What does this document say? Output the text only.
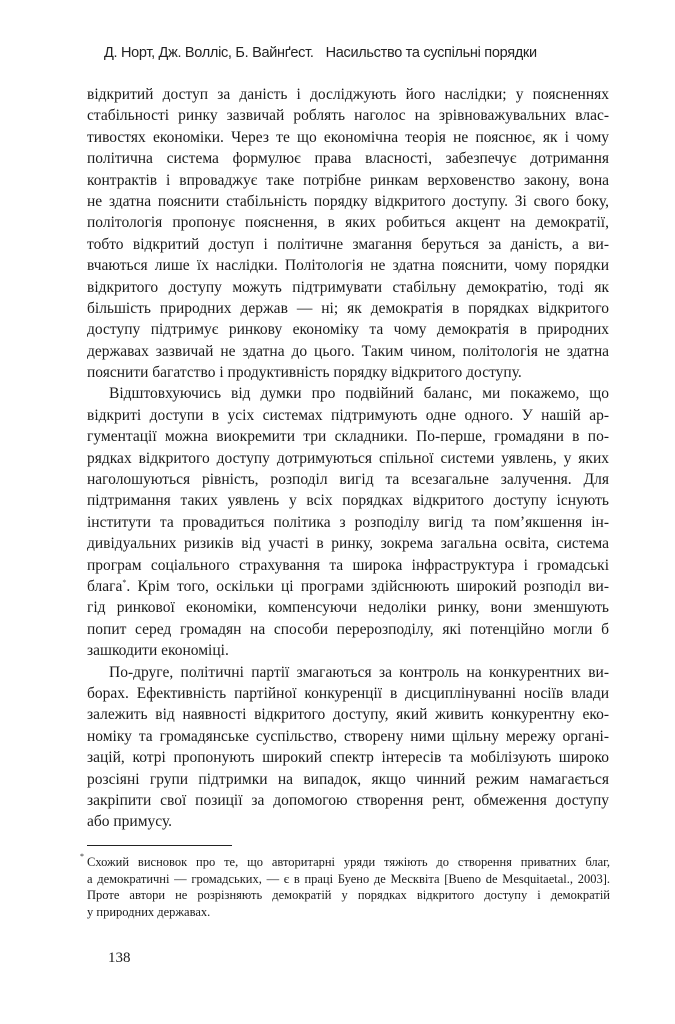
Д. Норт, Дж. Волліс, Б. Вайнґест. Насильство та суспільні порядки
відкритий доступ за даність і досліджують його наслідки; у поясненнях
стабільності ринку зазвичай роблять наголос на зрівноважувальних влас-
тивостях економіки. Через те що економічна теорія не пояснює, як і чому
політична система формулює права власності, забезпечує дотримання
контрактів і впроваджує таке потрібне ринкам верховенство закону, вона
не здатна пояснити стабільність порядку відкритого доступу. Зі свого боку,
політологія пропонує пояснення, в яких робиться акцент на демократії,
тобто відкритий доступ і політичне змагання беруться за даність, а ви-
вчаються лише їх наслідки. Політологія не здатна пояснити, чому порядки
відкритого доступу можуть підтримувати стабільну демократію, тоді як
більшість природних держав — ні; як демократія в порядках відкритого
доступу підтримує ринкову економіку та чому демократія в природних
державах зазвичай не здатна до цього. Таким чином, політологія не здатна
пояснити багатство і продуктивність порядку відкритого доступу.
Відштовхуючись від думки про подвійний баланс, ми покажемо, що
відкриті доступи в усіх системах підтримують одне одного. У нашій ар-
гументації можна виокремити три складники. По-перше, громадяни в по-
рядках відкритого доступу дотримуються спільної системи уявлень, у яких
наголошуються рівність, розподіл вигід та всезагальне залучення. Для
підтримання таких уявлень у всіх порядках відкритого доступу існують
інститути та провадиться політика з розподілу вигід та пом’якшення ін-
дивідуальних ризиків від участі в ринку, зокрема загальна освіта, система
програм соціального страхування та широка інфраструктура і громадські
блага*. Крім того, оскільки ці програми здійснюють широкий розподіл ви-
гід ринкової економіки, компенсуючи недоліки ринку, вони зменшують
попит серед громадян на способи перерозподілу, які потенційно могли б
зашкодити економіці.
По-друге, політичні партії змагаються за контроль на конкурентних ви-
борах. Ефективність партійної конкуренції в дисциплінуванні носіїв влади
залежить від наявності відкритого доступу, який живить конкурентну еко-
номіку та громадянське суспільство, створену ними щільну мережу органі-
зацій, котрі пропонують широкий спектр інтересів та мобілізують широко
розсіяні групи підтримки на випадок, якщо чинний режим намагається
закріпити свої позиції за допомогою створення рент, обмеження доступу
або примусу.
* Схожий висновок про те, що авторитарні уряди тяжіють до створення приватних благ,
а демократичні — громадських, — є в праці Буено де Месквіта [Bueno de Mesquitaetal., 2003].
Проте автори не розрізняють демократій у порядках відкритого доступу і демократій
у природних державах.
138
